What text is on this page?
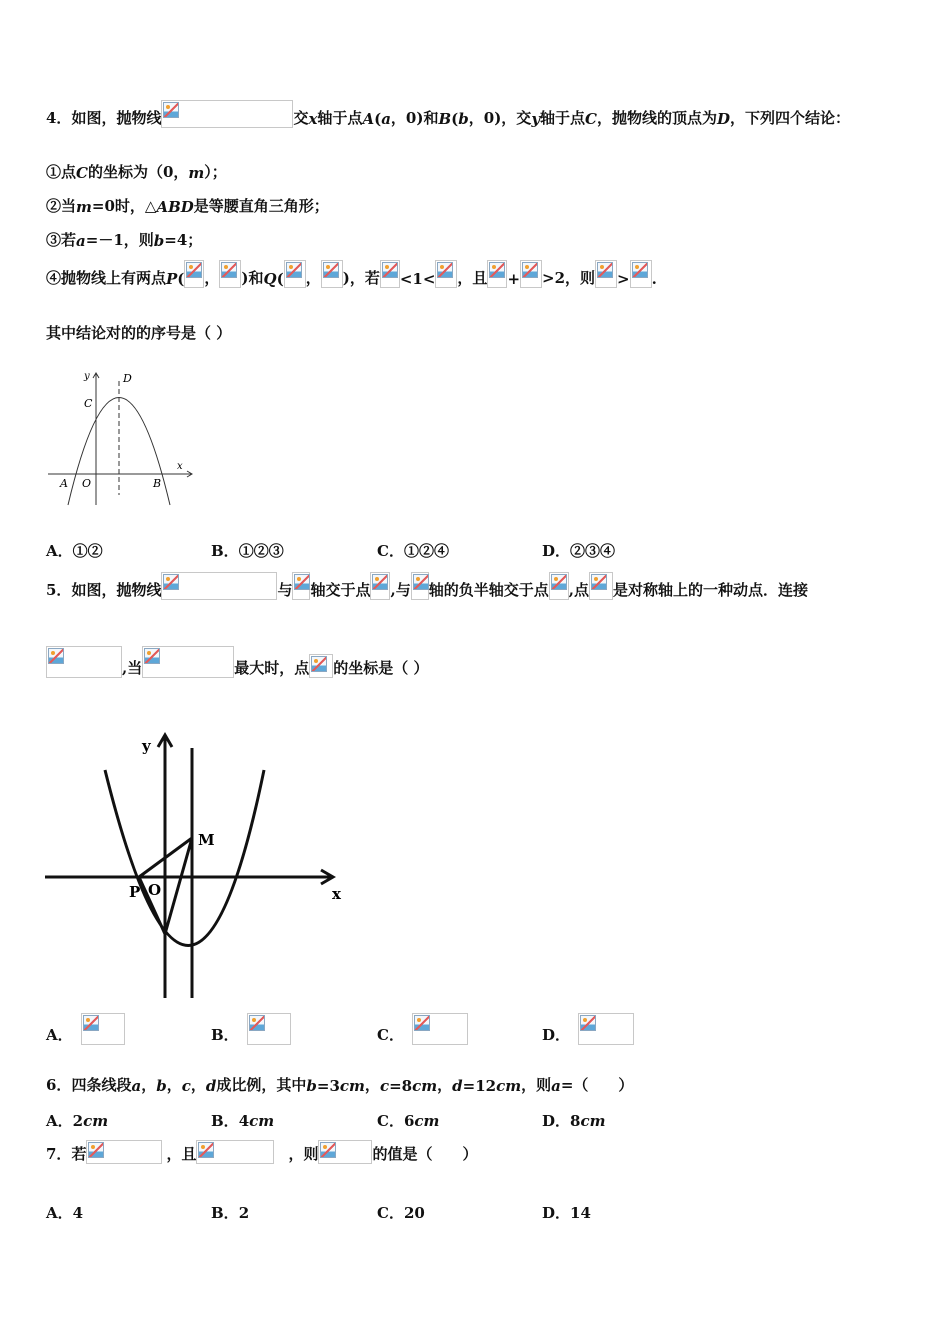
4． 如图，抛物线	交 x 轴于点 A ( a ，0)和 B ( b ，0)，交 y 轴于点 C ，抛物线的顶点为 D ，下列四个结论：
①点 C 的坐标为（0， m ）；
②当 m =0时，△ ABD 是等腰直角三角形；
③若 a =－1，则 b =4；
④抛物线上有两点 P ( ， )和 Q ( ， )，若 <1< ，且 + >2，则 > .
其中结论对的的序号是（ ）
y	D
C
x
A O	B
A．①②	B．①②③	C．①②④	D．②③④
5． 如图，抛物线	与 轴交于点 ,与 轴的负半轴交于点 ,点 是对称轴上的一种动点．连接
,当	最大时，点 的坐标是（ ）
y
M
P O	x
A．	B．	C．	D．
6． 四条线段 a ， b ， c ， d 成比例，其中 b =3 cm ， c =8 cm ， d =12 cm ，则 a =（　　）
A．2cm	B．4cm	C．6cm	D．8cm
7． 若	，且	，则	的值是（　　）
A．4	B．2	C．20	D．14
